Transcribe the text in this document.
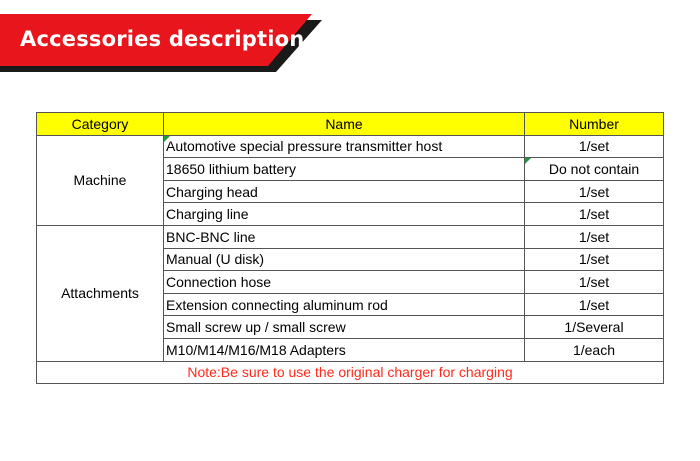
Accessories description
Category	Name	Number
Machine	Automotive special pressure transmitter host	1/set
	18650 lithium battery	Do not contain
	Charging head	1/set
	Charging line	1/set
Attachments	BNC-BNC line	1/set
	Manual (U disk)	1/set
	Connection hose	1/set
	Extension connecting aluminum rod	1/set
	Small screw up / small screw	1/Several
	M10/M14/M16/M18 Adapters	1/each
Note:Be sure to use the original charger for charging		
